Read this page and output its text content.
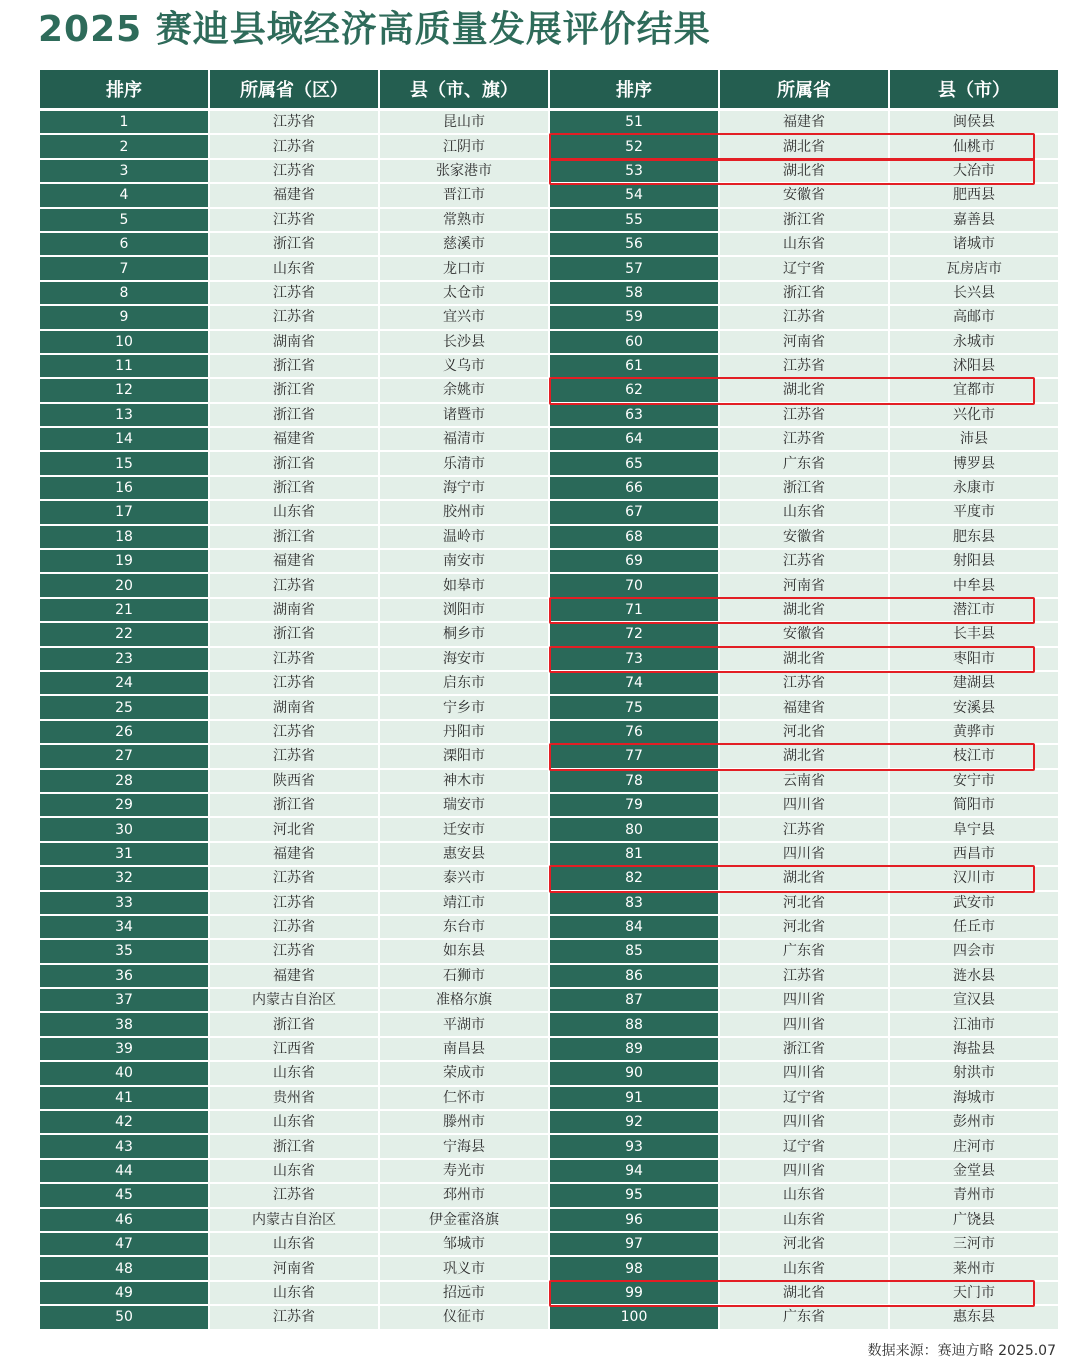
2025 赛迪县域经济高质量发展评价结果
排序	所属省（区）	县（市、旗）	排序	所属省	县（市）
1	江苏省	昆山市	51	福建省	闽侯县
2	江苏省	江阴市	52	湖北省	仙桃市
3	江苏省	张家港市	53	湖北省	大冶市
4	福建省	晋江市	54	安徽省	肥西县
5	江苏省	常熟市	55	浙江省	嘉善县
6	浙江省	慈溪市	56	山东省	诸城市
7	山东省	龙口市	57	辽宁省	瓦房店市
8	江苏省	太仓市	58	浙江省	长兴县
9	江苏省	宜兴市	59	江苏省	高邮市
10	湖南省	长沙县	60	河南省	永城市
11	浙江省	义乌市	61	江苏省	沭阳县
12	浙江省	余姚市	62	湖北省	宜都市
13	浙江省	诸暨市	63	江苏省	兴化市
14	福建省	福清市	64	江苏省	沛县
15	浙江省	乐清市	65	广东省	博罗县
16	浙江省	海宁市	66	浙江省	永康市
17	山东省	胶州市	67	山东省	平度市
18	浙江省	温岭市	68	安徽省	肥东县
19	福建省	南安市	69	江苏省	射阳县
20	江苏省	如皋市	70	河南省	中牟县
21	湖南省	浏阳市	71	湖北省	潜江市
22	浙江省	桐乡市	72	安徽省	长丰县
23	江苏省	海安市	73	湖北省	枣阳市
24	江苏省	启东市	74	江苏省	建湖县
25	湖南省	宁乡市	75	福建省	安溪县
26	江苏省	丹阳市	76	河北省	黄骅市
27	江苏省	溧阳市	77	湖北省	枝江市
28	陕西省	神木市	78	云南省	安宁市
29	浙江省	瑞安市	79	四川省	简阳市
30	河北省	迁安市	80	江苏省	阜宁县
31	福建省	惠安县	81	四川省	西昌市
32	江苏省	泰兴市	82	湖北省	汉川市
33	江苏省	靖江市	83	河北省	武安市
34	江苏省	东台市	84	河北省	任丘市
35	江苏省	如东县	85	广东省	四会市
36	福建省	石狮市	86	江苏省	涟水县
37	内蒙古自治区	准格尔旗	87	四川省	宣汉县
38	浙江省	平湖市	88	四川省	江油市
39	江西省	南昌县	89	浙江省	海盐县
40	山东省	荣成市	90	四川省	射洪市
41	贵州省	仁怀市	91	辽宁省	海城市
42	山东省	滕州市	92	四川省	彭州市
43	浙江省	宁海县	93	辽宁省	庄河市
44	山东省	寿光市	94	四川省	金堂县
45	江苏省	邳州市	95	山东省	青州市
46	内蒙古自治区	伊金霍洛旗	96	山东省	广饶县
47	山东省	邹城市	97	河北省	三河市
48	河南省	巩义市	98	山东省	莱州市
49	山东省	招远市	99	湖北省	天门市
50	江苏省	仪征市	100	广东省	惠东县
数据来源：赛迪方略 2025.07
